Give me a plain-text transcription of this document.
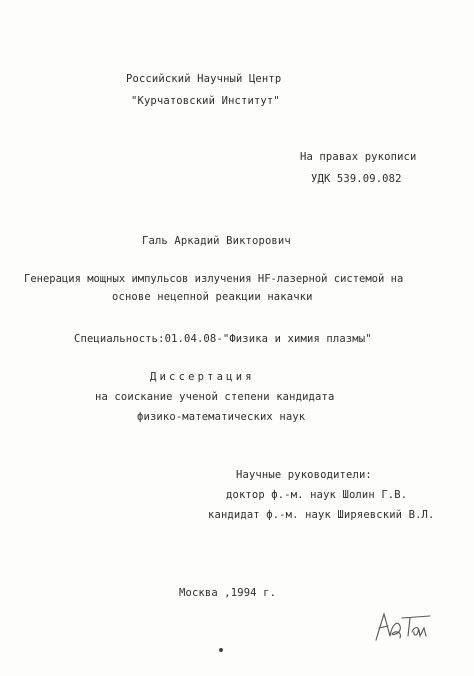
Российский Научный Центр
"Курчатовский Институт"
На правах рукописи
УДК 539.09.082
Галь Аркадий Викторович
Генерация мощных импульсов излучения HF-лазерной системой на
основе нецепной реакции накачки
Специальность:01.04.08-"Физика и химия плазмы"
Диссертация
на соискание ученой степени кандидата
физико-математических наук
Научные руководители:
доктор ф.-м. наук Шолин Г.В.
кандидат ф.-м. наук Ширяевский В.Л.
Москва ,1994 г.
